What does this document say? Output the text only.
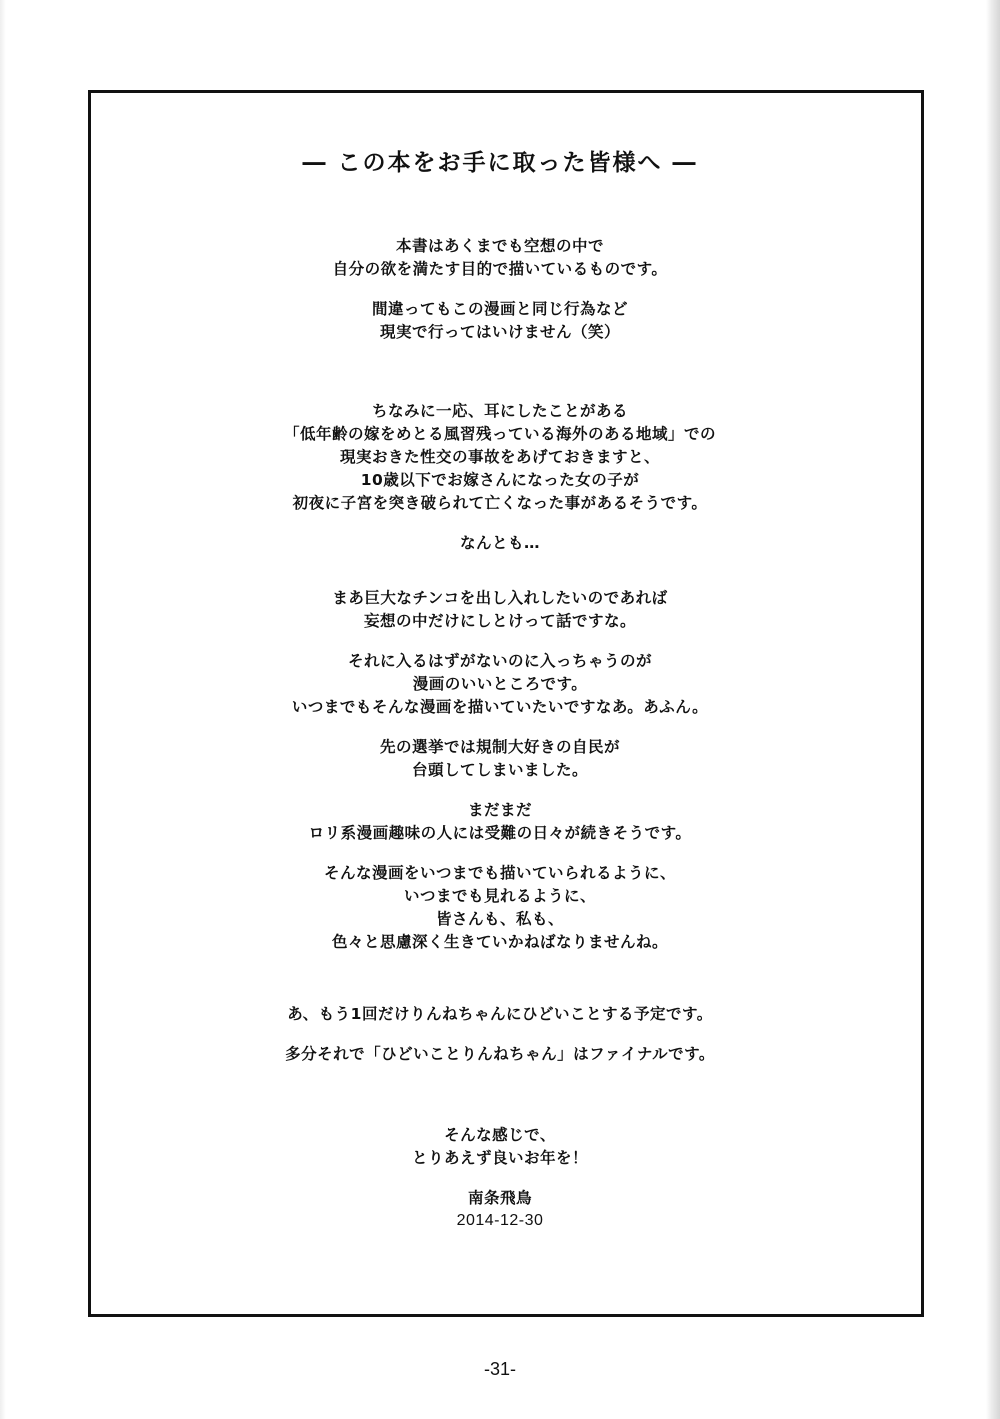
― この本をお手に取った皆様へ ―
本書はあくまでも空想の中で
自分の欲を満たす目的で描いているものです。
間違ってもこの漫画と同じ行為など
現実で行ってはいけません（笑）
ちなみに一応、耳にしたことがある
「低年齢の嫁をめとる風習残っている海外のある地域」での
現実おきた性交の事故をあげておきますと、
10歳以下でお嫁さんになった女の子が
初夜に子宮を突き破られて亡くなった事があるそうです。
なんとも…
まあ巨大なチンコを出し入れしたいのであれば
妄想の中だけにしとけって話ですな。
それに入るはずがないのに入っちゃうのが
漫画のいいところです。
いつまでもそんな漫画を描いていたいですなあ。あふん。
先の選挙では規制大好きの自民が
台頭してしまいました。
まだまだ
ロリ系漫画趣味の人には受難の日々が続きそうです。
そんな漫画をいつまでも描いていられるように、
いつまでも見れるように、
皆さんも、私も、
色々と思慮深く生きていかねばなりませんね。
あ、もう1回だけりんねちゃんにひどいことする予定です。
多分それで「ひどいことりんねちゃん」はファイナルです。
そんな感じで、
とりあえず良いお年を！
南条飛鳥
2014-12-30
-31-
